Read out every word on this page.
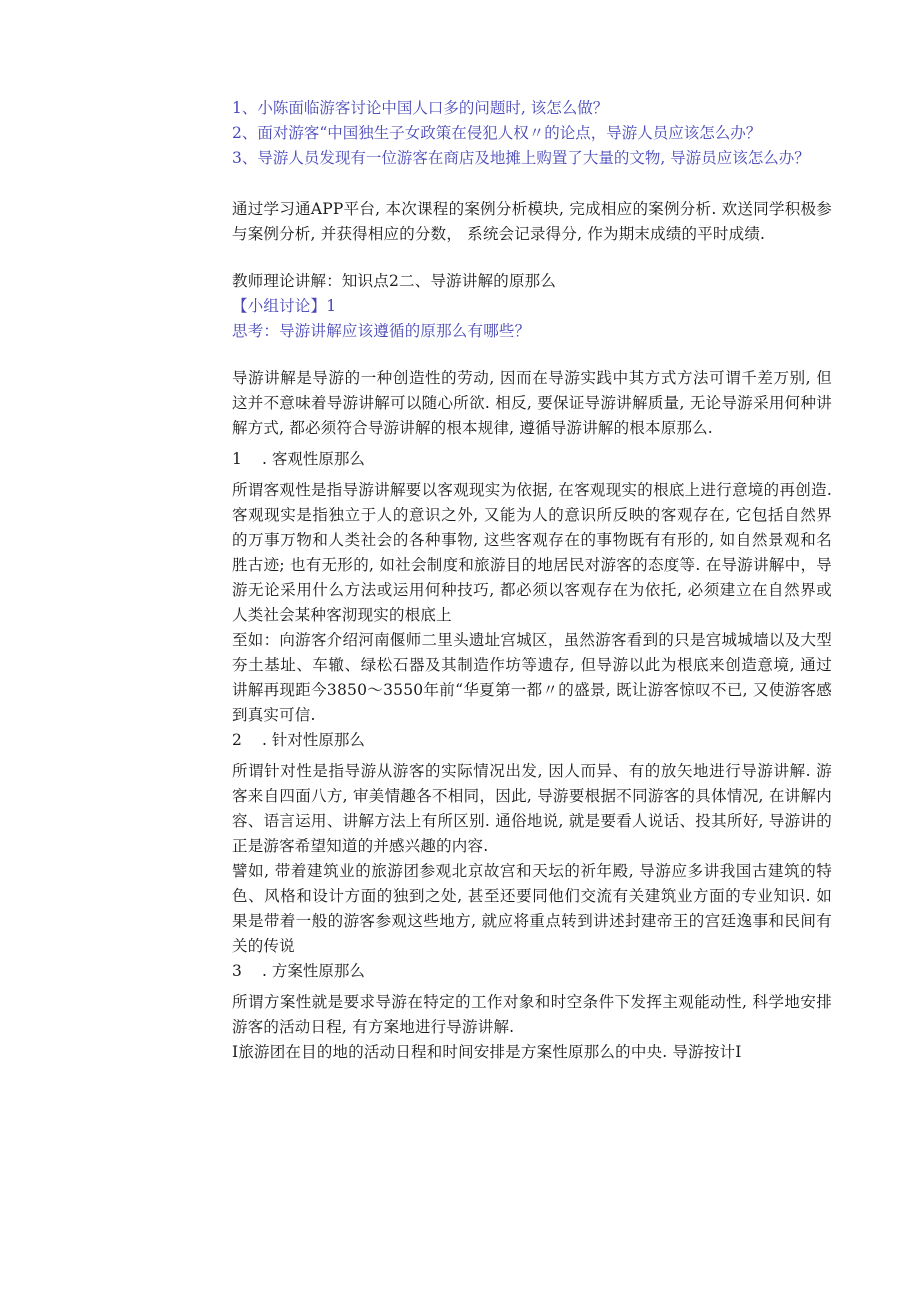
1、小陈面临游客讨论中国人口多的问题时, 该怎么做？

2、面对游客“中国独生子女政策在侵犯人权〃的论点，导游人员应该怎么办？

3、导游人员发现有一位游客在商店及地摊上购置了大量的文物, 导游员应该怎么办？

通过学习通APP平台, 本次课程的案例分析模块, 完成相应的案例分析. 欢送同学积极参与案例分析, 并获得相应的分数， 系统会记录得分, 作为期末成绩的平时成绩.

教师理论讲解：知识点2二、导游讲解的原那么

【小组讨论】1

思考：导游讲解应该遵循的原那么有哪些？

导游讲解是导游的一种创造性的劳动, 因而在导游实践中其方式方法可谓千差万别, 但这并不意味着导游讲解可以随心所欲. 相反, 要保证导游讲解质量, 无论导游采用何种讲解方式, 都必须符合导游讲解的根本规律, 遵循导游讲解的根本原那么.

1 . 客观性原那么

所谓客观性是指导游讲解要以客观现实为依据, 在客观现实的根底上进行意境的再创造. 客观现实是指独立于人的意识之外, 又能为人的意识所反映的客观存在, 它包括自然界的万事万物和人类社会的各种事物, 这些客观存在的事物既有有形的, 如自然景观和名胜古迹; 也有无形的, 如社会制度和旅游目的地居民对游客的态度等. 在导游讲解中，导游无论采用什么方法或运用何种技巧, 都必须以客观存在为依托, 必须建立在自然界或人类社会某种客沏现实的根底上

至如：向游客介绍河南偃师二里头遗址宫城区，虽然游客看到的只是宫城城墙以及大型夯土基址、车辙、绿松石器及其制造作坊等遗存, 但导游以此为根底来创造意境, 通过讲解再现距今3850～3550年前“华夏第一都〃的盛景, 既让游客惊叹不已, 又使游客感到真实可信.

2 . 针对性原那么

所谓针对性是指导游从游客的实际情况出发, 因人而异、有的放矢地进行导游讲解. 游客来自四面八方, 审美情趣各不相同，因此, 导游要根据不同游客的具体情况, 在讲解内容、语言运用、讲解方法上有所区别. 通俗地说, 就是要看人说话、投其所好, 导游讲的正是游客希望知道的并感兴趣的内容.

譬如, 带着建筑业的旅游团参观北京故宫和天坛的祈年殿, 导游应多讲我国古建筑的特色、风格和设计方面的独到之处, 甚至还要同他们交流有关建筑业方面的专业知识. 如果是带着一般的游客参观这些地方, 就应将重点转到讲述封建帝王的宫廷逸事和民间有关的传说

3 . 方案性原那么

所谓方案性就是要求导游在特定的工作对象和时空条件下发挥主观能动性, 科学地安排游客的活动日程, 有方案地进行导游讲解.

I旅游团在目的地的活动日程和时间安排是方案性原那么的中央. 导游按计I
